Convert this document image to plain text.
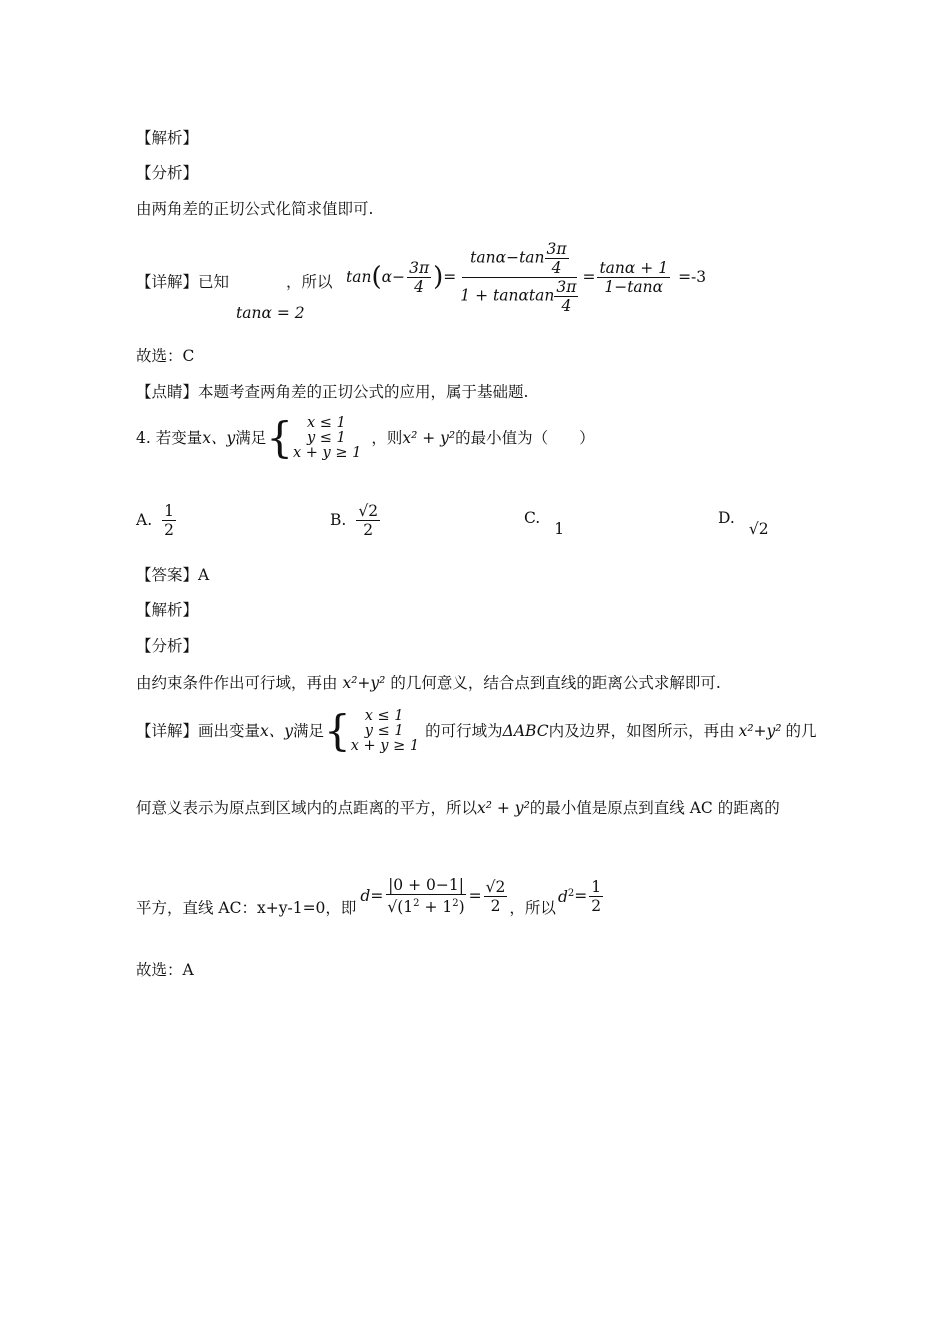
【解析】
【分析】
由两角差的正切公式化简求值即可.
【详解】已知
tanα = 2
，所以 tan ( $\alpha- \frac{3\pi}{4}$ ) = $\frac{\tan\alpha-\tan \frac{3\pi}{4}}{1 + \tan\alpha\tan \frac{3\pi}{4}} = \frac{\tan\alpha + 1}{1-\tan\alpha} =-3$
故选：C
【点睛】本题考查两角差的正切公式的应用，属于基础题.
4. 若变量 x、y 满足 { x ≤ 1
y ≤ 1
x + y ≥ 1
，则 x² + y² 的最小值为（　　）
A. $\frac{1}{2}$	B. $\frac{√2}{2}$	C.
1
D.
√2
【答案】A
【解析】
【分析】
由约束条件作出可行域，再由 x²+y² 的几何意义，结合点到直线的距离公式求解即可.
【详解】画出变量 x、y 满足 { x ≤ 1
y ≤ 1
x + y ≥ 1
的可行域为 ΔABC 内及边界，如图所示，再由 x²+y² 的几
何意义表示为原点到区域内的点距离的平方，所以x² + y²的最小值是原点到直线 AC 的距离的
平方，直线 AC：x+y-1=0，即
$d = \frac{|0 + 0-1|}{√(1^2 + 1^2)} = \frac{√2}{2}$ ，所以
$d^2 = \frac{1}{2}$
故选：A
